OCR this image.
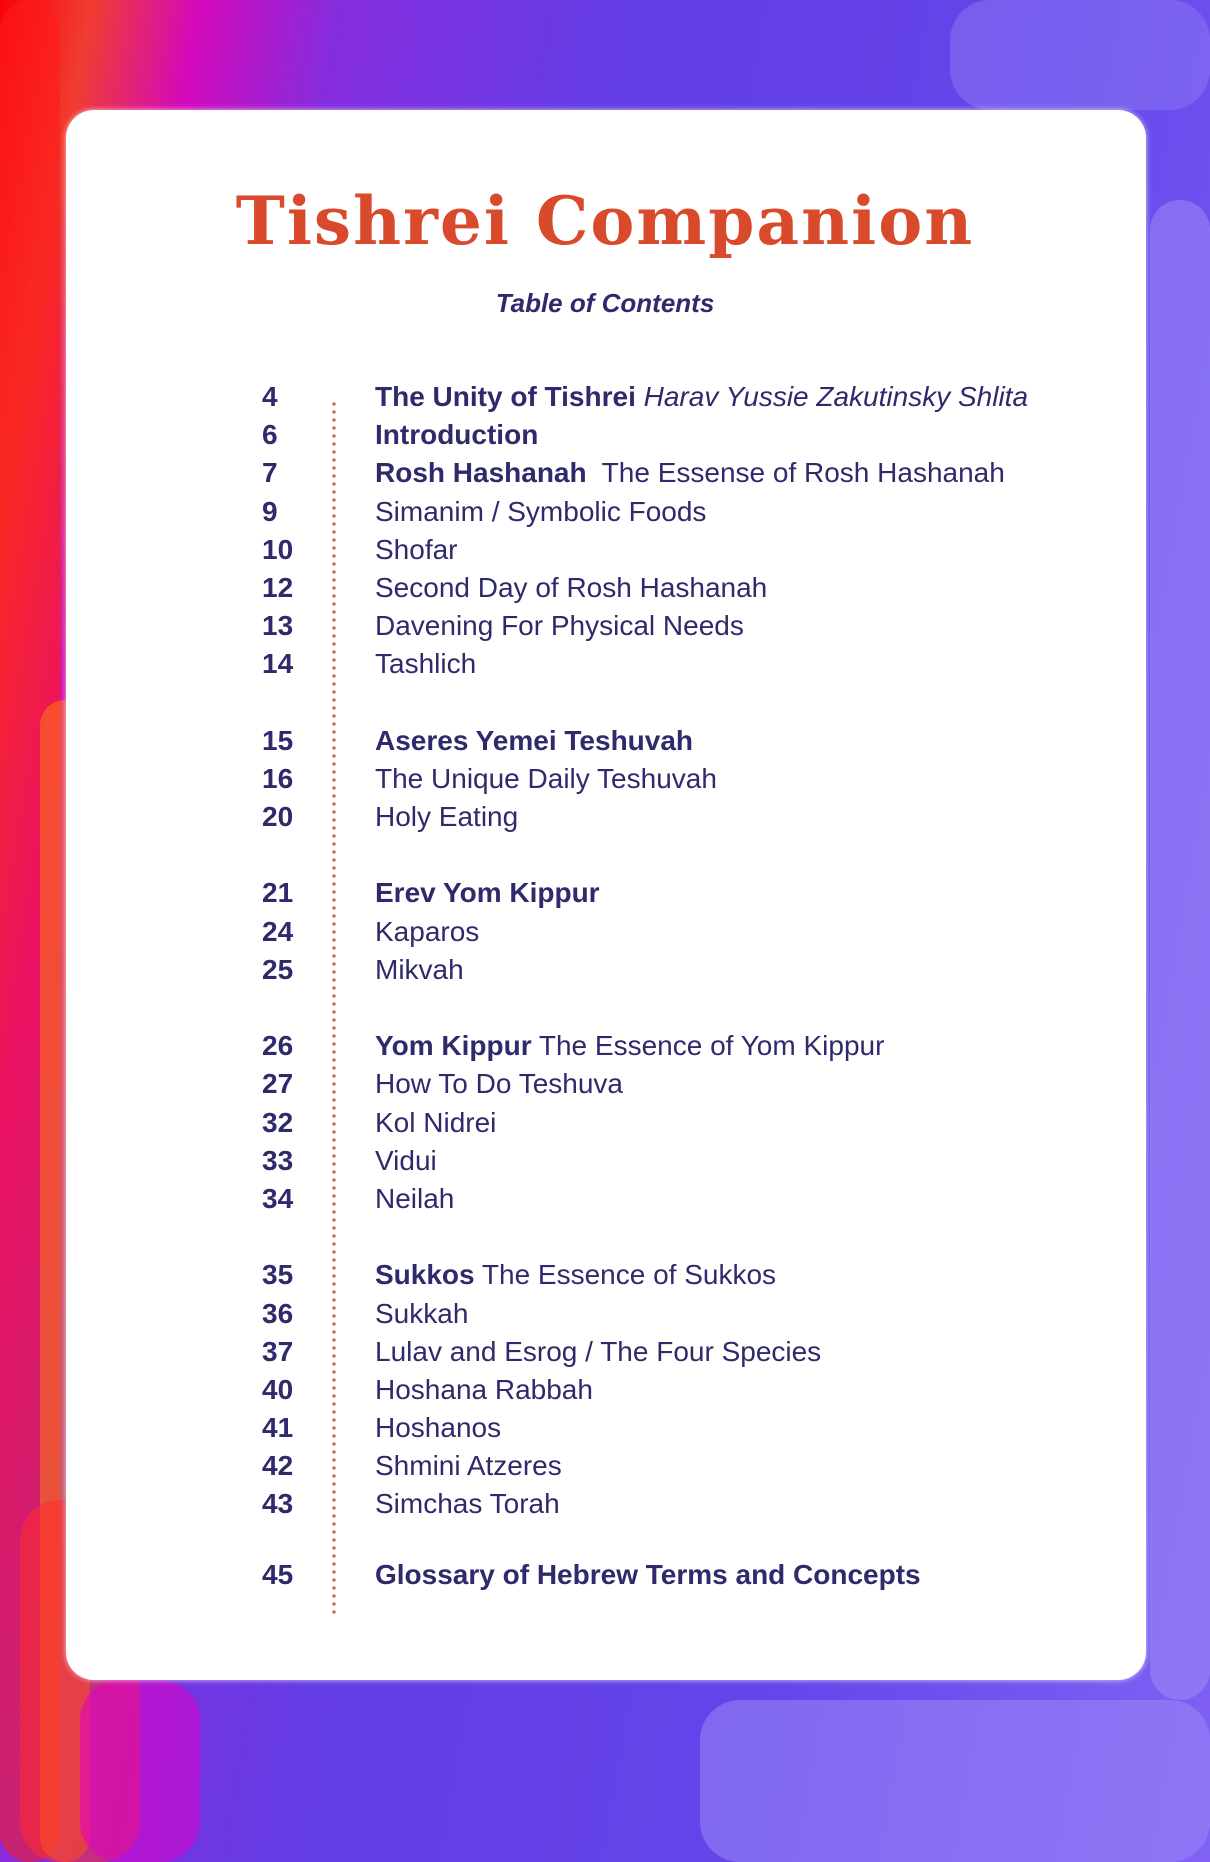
Tishrei Companion
Table of Contents
4	The Unity of Tishrei Harav Yussie Zakutinsky Shlita
6	Introduction
7	Rosh Hashanah The Essense of Rosh Hashanah
9	Simanim / Symbolic Foods
10	Shofar
12	Second Day of Rosh Hashanah
13	Davening For Physical Needs
14	Tashlich
15	Aseres Yemei Teshuvah
16	The Unique Daily Teshuvah
20	Holy Eating
21	Erev Yom Kippur
24	Kaparos
25	Mikvah
26	Yom Kippur The Essence of Yom Kippur
27	How To Do Teshuva
32	Kol Nidrei
33	Vidui
34	Neilah
35	Sukkos The Essence of Sukkos
36	Sukkah
37	Lulav and Esrog / The Four Species
40	Hoshana Rabbah
41	Hoshanos
42	Shmini Atzeres
43	Simchas Torah
45	Glossary of Hebrew Terms and Concepts
